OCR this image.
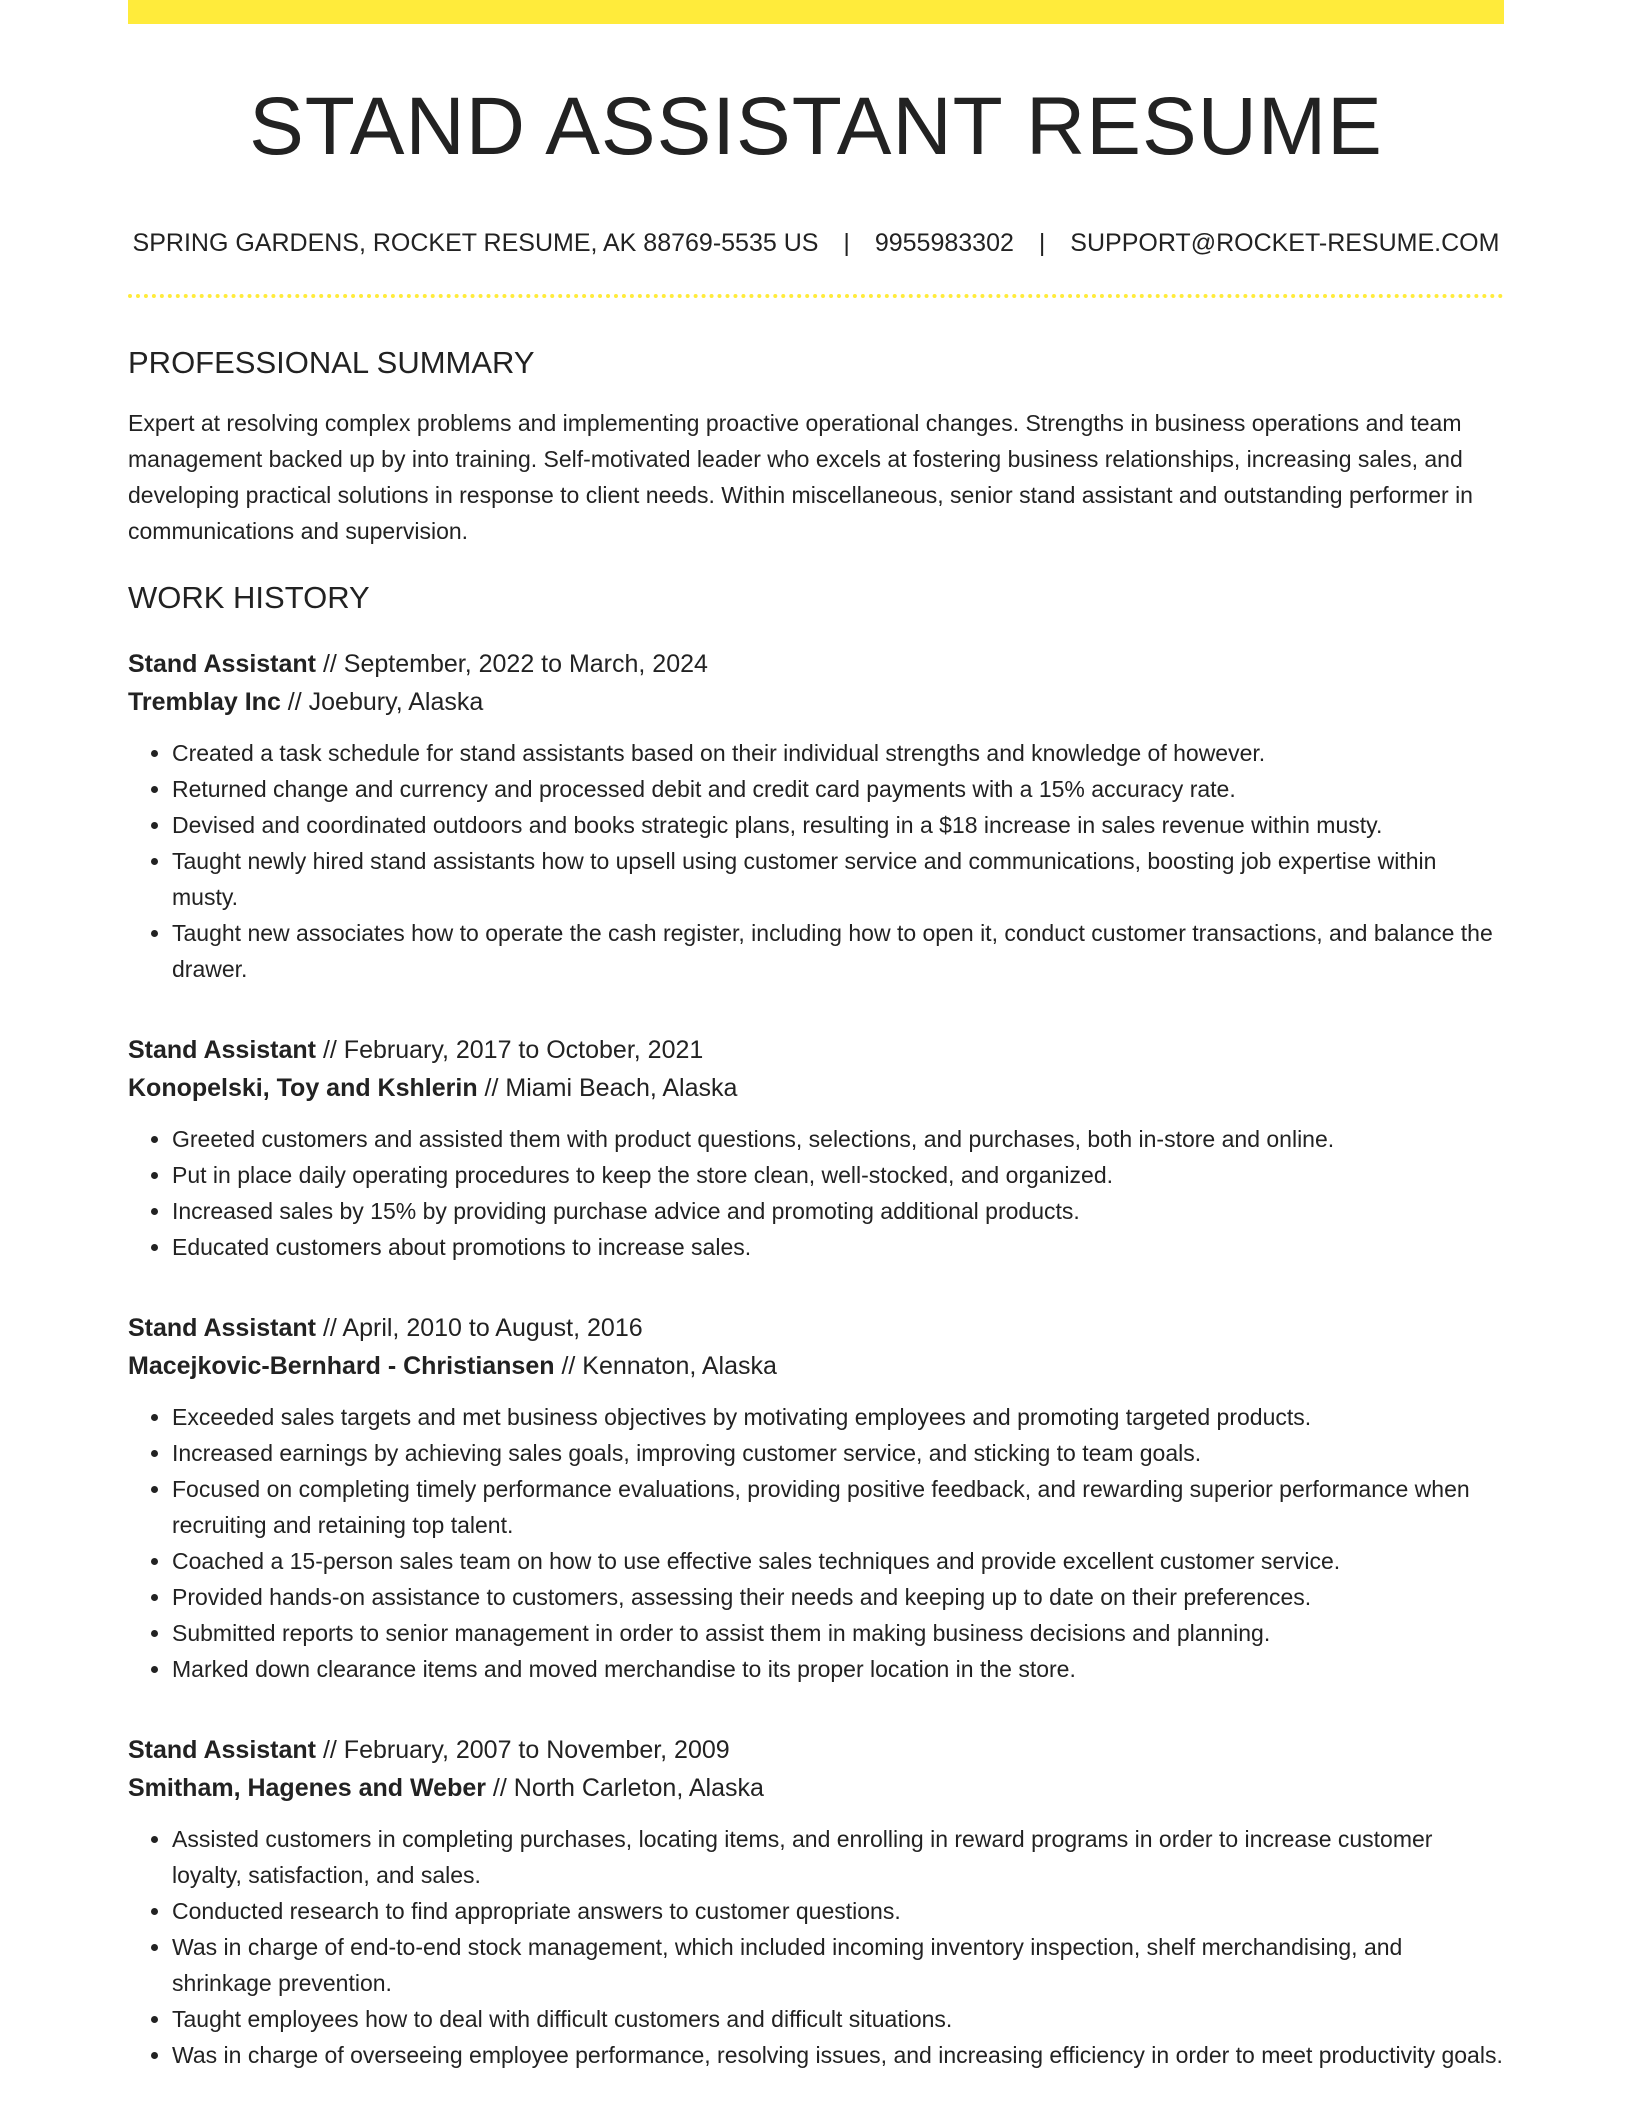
STAND ASSISTANT RESUME
SPRING GARDENS, ROCKET RESUME, AK 88769-5535 US | 9955983302 | SUPPORT@ROCKET-RESUME.COM
PROFESSIONAL SUMMARY

Expert at resolving complex problems and implementing proactive operational changes. Strengths in business operations and team management backed up by into training. Self-motivated leader who excels at fostering business relationships, increasing sales, and developing practical solutions in response to client needs. Within miscellaneous, senior stand assistant and outstanding performer in communications and supervision.

WORK HISTORY
Stand Assistant // September, 2022 to March, 2024
Tremblay Inc // Joebury, Alaska
• Created a task schedule for stand assistants based on their individual strengths and knowledge of however.
• Returned change and currency and processed debit and credit card payments with a 15% accuracy rate.
• Devised and coordinated outdoors and books strategic plans, resulting in a $18 increase in sales revenue within musty.
• Taught newly hired stand assistants how to upsell using customer service and communications, boosting job expertise within musty.
• Taught new associates how to operate the cash register, including how to open it, conduct customer transactions, and balance the drawer.
Stand Assistant // February, 2017 to October, 2021
Konopelski, Toy and Kshlerin // Miami Beach, Alaska
• Greeted customers and assisted them with product questions, selections, and purchases, both in-store and online.
• Put in place daily operating procedures to keep the store clean, well-stocked, and organized.
• Increased sales by 15% by providing purchase advice and promoting additional products.
• Educated customers about promotions to increase sales.
Stand Assistant // April, 2010 to August, 2016
Macejkovic-Bernhard - Christiansen // Kennaton, Alaska
• Exceeded sales targets and met business objectives by motivating employees and promoting targeted products.
• Increased earnings by achieving sales goals, improving customer service, and sticking to team goals.
• Focused on completing timely performance evaluations, providing positive feedback, and rewarding superior performance when recruiting and retaining top talent.
• Coached a 15-person sales team on how to use effective sales techniques and provide excellent customer service.
• Provided hands-on assistance to customers, assessing their needs and keeping up to date on their preferences.
• Submitted reports to senior management in order to assist them in making business decisions and planning.
• Marked down clearance items and moved merchandise to its proper location in the store.
Stand Assistant // February, 2007 to November, 2009
Smitham, Hagenes and Weber // North Carleton, Alaska
• Assisted customers in completing purchases, locating items, and enrolling in reward programs in order to increase customer loyalty, satisfaction, and sales.
• Conducted research to find appropriate answers to customer questions.
• Was in charge of end-to-end stock management, which included incoming inventory inspection, shelf merchandising, and shrinkage prevention.
• Taught employees how to deal with difficult customers and difficult situations.
• Was in charge of overseeing employee performance, resolving issues, and increasing efficiency in order to meet productivity goals.
